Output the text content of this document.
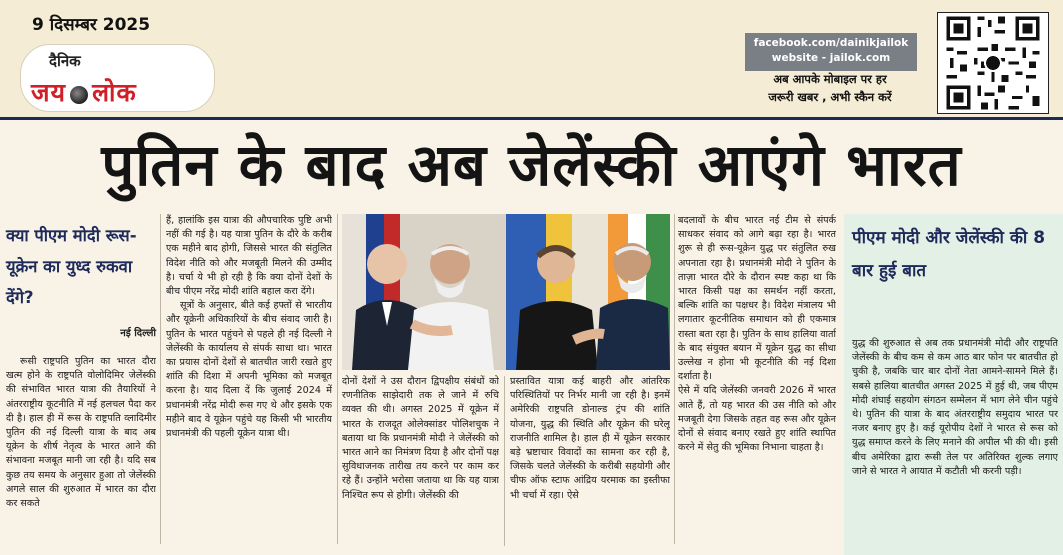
9 दिसम्बर 2025
दैनिक
जय लोक
facebook.com/dainikjailok
website - jailok.com
अब आपके मोबाइल पर हर
जरूरी खबर , अभी स्कैन करें
पुतिन के बाद अब जेलेंस्की आएंगे भारत
क्या पीएम मोदी रूस-यूक्रेन का युध्द रुकवा देंगे?
नई दिल्ली

रूसी राष्ट्रपति पुतिन का भारत दौरा खत्म होने के राष्ट्रपति वोलोदिमिर जेलेंस्की की संभावित भारत यात्रा की तैयारियों ने अंतरराष्ट्रीय कूटनीति में नई हलचल पैदा कर दी है। हाल ही में रूस के राष्ट्रपति व्लादिमीर पुतिन की नई दिल्ली यात्रा के बाद अब यूक्रेन के शीर्ष नेतृत्व के भारत आने की संभावना मजबूत मानी जा रही है। यदि सब कुछ तय समय के अनुसार हुआ तो जेलेंस्की अगले साल की शुरुआत में भारत का दौरा कर सकते

हैं, हालांकि इस यात्रा की औपचारिक पुष्टि अभी नहीं की गई है। यह यात्रा पुतिन के दौरे के करीब एक महीने बाद होगी, जिससे भारत की संतुलित विदेश नीति को और मजबूती मिलने की उम्मीद है। चर्चा ये भी हो रही है कि क्या दोनों देशों के बीच पीएम नरेंद्र मोदी शांति बहाल करा देंगे।

सूत्रों के अनुसार, बीते कई हफ्तों से भारतीय और यूक्रेनी अधिकारियों के बीच संवाद जारी है। पुतिन के भारत पहुंचने से पहले ही नई दिल्ली ने जेलेंस्की के कार्यालय से संपर्क साधा था। भारत का प्रयास दोनों देशों से बातचीत जारी रखते हुए शांति की दिशा में अपनी भूमिका को मजबूत करना है। याद दिला दें कि जुलाई 2024 में प्रधानमंत्री नरेंद्र मोदी रूस गए थे और इसके एक महीने बाद वे यूक्रेन पहुंचे यह किसी भी भारतीय प्रधानमंत्री की पहली यूक्रेन यात्रा थी।

दोनों देशों ने उस दौरान द्विपक्षीय संबंधों को रणनीतिक साझेदारी तक ले जाने में रुचि व्यक्त की थी। अगस्त 2025 में यूक्रेन में भारत के राजदूत ओलेक्सांडर पोलिशचुक ने बताया था कि प्रधानमंत्री मोदी ने जेलेंस्की को भारत आने का निमंत्रण दिया है और दोनों पक्ष सुविधाजनक तारीख तय करने पर काम कर रहे हैं। उन्होंने भरोसा जताया था कि यह यात्रा निश्चित रूप से होगी। जेलेंस्की की

प्रस्तावित यात्रा कई बाहरी और आंतरिक परिस्थितियों पर निर्भर मानी जा रही है। इनमें अमेरिकी राष्ट्रपति डोनाल्ड ट्रंप की शांति योजना, युद्ध की स्थिति और यूक्रेन की घरेलू राजनीति शामिल है। हाल ही में यूक्रेन सरकार बड़े भ्रष्टाचार विवादों का सामना कर रही है, जिसके चलते जेलेंस्की के करीबी सहयोगी और चीफ ऑफ स्टाफ आंद्रिय यरमाक का इस्तीफा भी चर्चा में रहा। ऐसे

बदलावों के बीच भारत नई टीम से संपर्क साधकर संवाद को आगे बढ़ा रहा है। भारत शुरू से ही रूस-यूक्रेन युद्ध पर संतुलित रुख अपनाता रहा है। प्रधानमंत्री मोदी ने पुतिन के ताज़ा भारत दौरे के दौरान स्पष्ट कहा था कि भारत किसी पक्ष का समर्थन नहीं करता, बल्कि शांति का पक्षधर है। विदेश मंत्रालय भी लगातार कूटनीतिक समाधान को ही एकमात्र रास्ता बता रहा है। पुतिन के साथ हालिया वार्ता के बाद संयुक्त बयान में यूक्रेन युद्ध का सीधा उल्लेख न होना भी कूटनीति की नई दिशा दर्शाता है।

ऐसे में यदि जेलेंस्की जनवरी 2026 में भारत आते हैं, तो यह भारत की उस नीति को और मजबूती देगा जिसके तहत वह रूस और यूक्रेन दोनों से संवाद बनाए रखते हुए शांति स्थापित करने में सेतु की भूमिका निभाना चाहता है।

पीएम मोदी और जेलेंस्की की 8 बार हुई बात

युद्ध की शुरुआत से अब तक प्रधानमंत्री मोदी और राष्ट्रपति जेलेंस्की के बीच कम से कम आठ बार फोन पर बातचीत हो चुकी है, जबकि चार बार दोनों नेता आमने-सामने मिले हैं। सबसे हालिया बातचीत अगस्त 2025 में हुई थी, जब पीएम मोदी शंघाई सहयोग संगठन सम्मेलन में भाग लेने चीन पहुंचे थे। पुतिन की यात्रा के बाद अंतरराष्ट्रीय समुदाय भारत पर नजर बनाए हुए है। कई यूरोपीय देशों ने भारत से रूस को युद्ध समाप्त करने के लिए मनाने की अपील भी की थी। इसी बीच अमेरिका द्वारा रूसी तेल पर अतिरिक्त शुल्क लगाए जाने से भारत ने आयात में कटौती भी करनी पड़ी।
